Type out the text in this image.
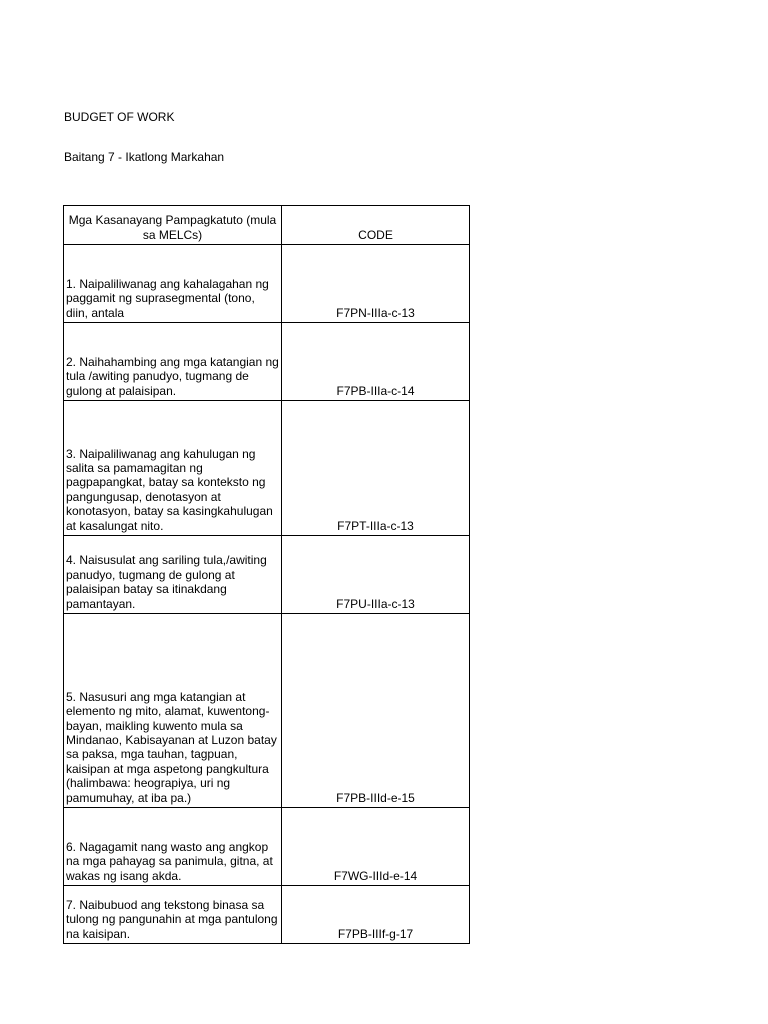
BUDGET OF WORK
Baitang 7 - Ikatlong Markahan
Mga Kasanayang Pampagkatuto (mula sa MELCs)	CODE
1. Naipaliliwanag ang kahalagahan ng paggamit ng suprasegmental (tono, diin, antala	F7PN-IIIa-c-13
2. Naihahambing ang mga katangian ng tula /awiting panudyo, tugmang de gulong at palaisipan.	F7PB-IIIa-c-14
3. Naipaliliwanag ang kahulugan ng salita sa pamamagitan ng pagpapangkat, batay sa konteksto ng pangungusap, denotasyon at konotasyon, batay sa kasingkahulugan at kasalungat nito.	F7PT-IIIa-c-13
4. Naisusulat ang sariling tula,/awiting panudyo, tugmang de gulong at palaisipan batay sa itinakdang pamantayan.	F7PU-IIIa-c-13
5. Nasusuri ang mga katangian at elemento ng mito, alamat, kuwentong-bayan, maikling kuwento mula sa Mindanao, Kabisayanan at Luzon batay sa paksa, mga tauhan, tagpuan, kaisipan at mga aspetong pangkultura (halimbawa: heograpiya, uri ng pamumuhay, at iba pa.)	F7PB-IIId-e-15
6. Nagagamit nang wasto ang angkop na mga pahayag sa panimula, gitna, at wakas ng isang akda.	F7WG-IIId-e-14
7. Naibubuod ang tekstong binasa sa tulong ng pangunahin at mga pantulong na kaisipan.	F7PB-IIIf-g-17
